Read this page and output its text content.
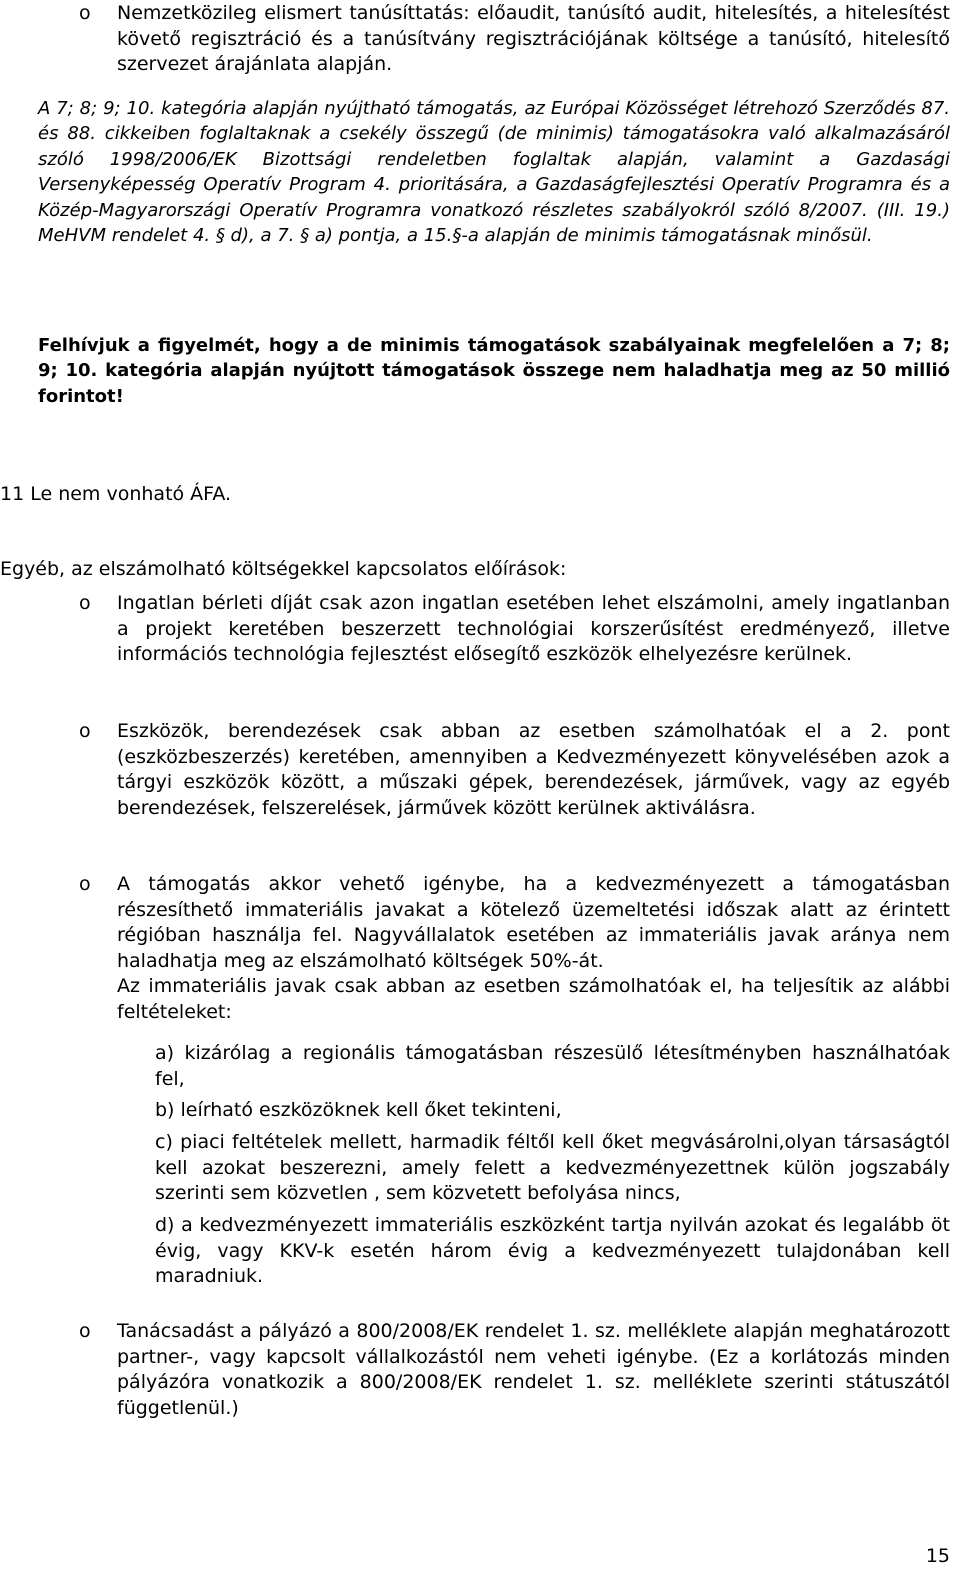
o Nemzetközileg elismert tanúsíttatás: előaudit, tanúsító audit, hitelesítés, a hitelesítést követő regisztráció és a tanúsítvány regisztrációjának költsége a tanúsító, hitelesítő szervezet árajánlata alapján.
A 7; 8; 9; 10. kategória alapján nyújtható támogatás, az Európai Közösséget létrehozó Szerződés 87. és 88. cikkeiben foglaltaknak a csekély összegű (de minimis) támogatásokra való alkalmazásáról szóló 1998/2006/EK Bizottsági rendeletben foglaltak alapján, valamint a Gazdasági Versenyképesség Operatív Program 4. prioritására, a Gazdaságfejlesztési Operatív Programra és a Közép-Magyarországi Operatív Programra vonatkozó részletes szabályokról szóló 8/2007. (III. 19.) MeHVM rendelet 4. § d), a 7. § a) pontja, a 15.§-a alapján de minimis támogatásnak minősül.
Felhívjuk a figyelmét, hogy a de minimis támogatások szabályainak megfelelően a 7; 8; 9; 10. kategória alapján nyújtott támogatások összege nem haladhatja meg az 50 millió forintot!
11 Le nem vonható ÁFA.
Egyéb, az elszámolható költségekkel kapcsolatos előírások:
o Ingatlan bérleti díját csak azon ingatlan esetében lehet elszámolni, amely ingatlanban a projekt keretében beszerzett technológiai korszerűsítést eredményező, illetve információs technológia fejlesztést elősegítő eszközök elhelyezésre kerülnek.
o Eszközök, berendezések csak abban az esetben számolhatóak el a 2. pont (eszközbeszerzés) keretében, amennyiben a Kedvezményezett könyvelésében azok a tárgyi eszközök között, a műszaki gépek, berendezések, járművek, vagy az egyéb berendezések, felszerelések, járművek között kerülnek aktiválásra.
o A támogatás akkor vehető igénybe, ha a kedvezményezett a támogatásban részesíthető immateriális javakat a kötelező üzemeltetési időszak alatt az érintett régióban használja fel. Nagyvállalatok esetében az immateriális javak aránya nem haladhatja meg az elszámolható költségek 50%-át.
Az immateriális javak csak abban az esetben számolhatóak el, ha teljesítik az alábbi feltételeket:
a) kizárólag a regionális támogatásban részesülő létesítményben használhatóak fel,
b) leírható eszközöknek kell őket tekinteni,
c) piaci feltételek mellett, harmadik féltől kell őket megvásárolni,olyan társaságtól kell azokat beszerezni, amely felett a kedvezményezettnek külön jogszabály szerinti sem közvetlen , sem közvetett befolyása nincs,
d) a kedvezményezett immateriális eszközként tartja nyilván azokat és legalább öt évig, vagy KKV-k esetén három évig a kedvezményezett tulajdonában kell maradniuk.
o Tanácsadást a pályázó a 800/2008/EK rendelet 1. sz. melléklete alapján meghatározott partner-, vagy kapcsolt vállalkozástól nem veheti igénybe. (Ez a korlátozás minden pályázóra vonatkozik a 800/2008/EK rendelet 1. sz. melléklete szerinti státuszától függetlenül.)
15
